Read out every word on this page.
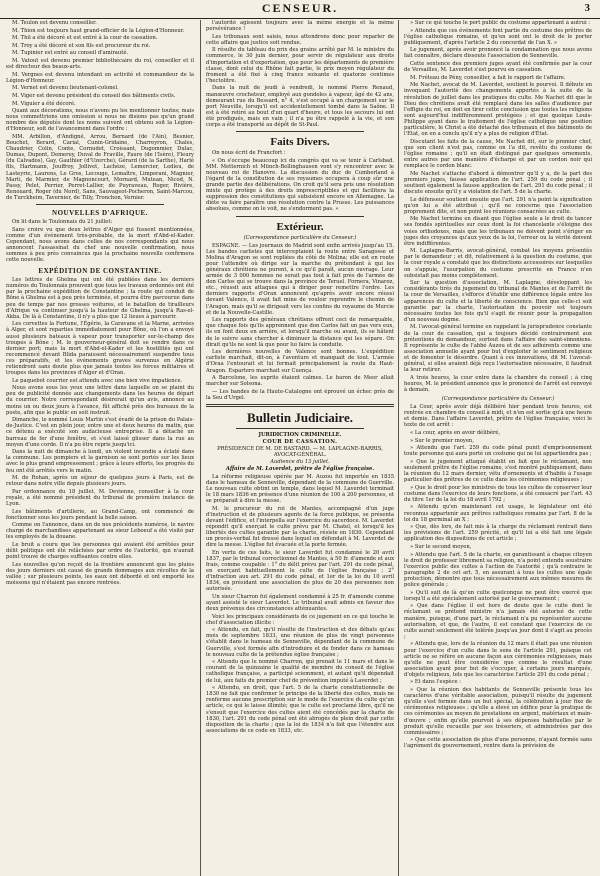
CENSEUR.	3

M. Teulon est devenu conseiller.

M. Thion est toujours haut grand-officier de la Légion-d'Honneur.

M. Thil a été décoré et est entré à la cour de cassation.

M. Troy a été décoré et son fils est procureur du roi.

M. Tupinier est entré au conseil d'amirauté.

M. Vatout est devenu premier bibliothécaire du roi, conseiller et il est directeur des beaux-arts.

M. Vergnes est devenu intendant en activité et commandeur de la Légion-d'Honneur.

M. Vernet est devenu lieutenant-colonel.

M. Viger est devenu président du conseil des bâtiments civils.

M. Viguier a été décoré.

Quant aux décorations, nous n'avons pu les mentionner toutes; mais nous commettrions une omission si nous ne disions pas qu'un grand nombre des députés dont les noms suivent ont obtenu soit la Légion-d'Honneur, soit de l'avancement dans l'ordre :

MM. Arbillon, d'Andigné, Arrou, Bernard (de l'Ain), Besnier, Bouchet, Berard, Carial, Cunin-Gridaine, Charreyron, Chales, Chaudrier, Colin, Conte, Cornudet, Croissant, Dugommier, Dulac, Dumas, Dupont, Demerey, Duval de Fraville, Faure (de l'Isère), Fleury (du Calvados), Gay, Gauthier (d'Uzerche), Gérard (de la Sarthe), Harlé fils, Hartmann, Jouffroy, Jollivet, Lachèze, Lemercier, Ledieu, de Lasteyrie, Laurens, Le Gros, Lecouge, Lemaître, Limperani, Magnier, Marti, de Marmier, de Magnoncourt, Mornard, Mutean, Nicod, N. Passy, Pelet, Perrier, Perret-Lallier, de Puyraveau, Roger, Rivière, Renouard, Roger (du Nord), Sans, Sauvageot-Pocheron, Saint-Marcou, de Turckheim, Tavernier, de Tilly, Tronchon, Vernier.

NOUVELLES D'AFRIQUE.

On lit dans le Toulonnais du 21 juillet:

Sans croire vu que deux lettres d'Alger qui fussent mentionnées, comme d'un événement très-probable, de la mort d'Abd-el-Kader. Cependant, nous avons dans celles de nos correspondants qui nous annoncent l'assassinat du chef une nouvelle confirmation, nous sommes à peu près convaincus que la prochaine nouvelle confirmera cette nouvelle.

EXPÉDITION DE CONSTANTINE.

Les lettres de Ghelma qui ont été publiées dans les derniers numéros du Toulonnais prouvent que tous les travaux ordonnés ont été par la prochaine expédition de Constantine ; la route qui conduit de Bône à Ghelma est à peu près terminée, et pourra être parcourue dans peu de temps par nos grosses voitures, et le bataillon de tirailleurs d'Afrique va continuer jusqu'à la hauteur de Ghelma, jusqu'à Ras-el-Akba. De là à Constantine, il n'y a plus que 12 lieues à parcourir.

Les corvettes la Fortune, l'Égérie, la Caravane et la Marne, arrivées à Alger, et sont reparties immédiatement pour Bône, où l'on a envoyé aussi plusieurs bateaux à vapeur pour transporter sur-le-champ des troupes à Bône ; M. le gouverneur-général doit se rendre dans ce dernier port; mais la mort d'Abd-el-Kader et les hostilités qui ont recommencé devant Blida paraissent nécessairement suspendre tous ces préparatifs, et les événements graves survenus en Algérie retiendront sans doute plus que jamais toutes les forces militaires et troupes dans les provinces d'Alger et d'Oran.

Le paquebot courrier est attendu avec une bien vive impatience.

Nous avons sous les yeux une lettre dans laquelle on se plaint du peu de publicité donnée aux changements dans les heures de départ du courrier. Notre correspondant désirerait qu'un avis, annoncé au moins un ou deux jours à l'avance, fût affiché près des bureaux de la poste, afin que le public en soit instruit.

Dimanche, le nommé Louis Martin s'est évadé de la prison du Palais-de-Justice. C'est en plein jour, entre une et deux heures du matin, que ce détenu a exécuté son audacieuse entreprise. Il a détaché un barreau de fer d'une fenêtre, et s'est laissé glisser dans la rue au moyen d'une corde. Il n'a pu être repris jusqu'ici.

Dans la nuit de dimanche à lundi, un violent incendie a éclaté dans la commune. Les pompiers et la garnison se sont portés sur les lieux avec le plus grand empressement ; grâce à leurs efforts, les progrès du feu ont été arrêtés vers le matin.

M. de Rohan, après un séjour de quelques jours à Paris, est de retour dans notre ville depuis plusieurs jours.

Par ordonnance du 18 juillet, M. Devienne, conseiller à la cour royale, a été nommé président du tribunal de première instance de Lyon.

Les bâtiments d'artillerie, au Grand-Camp, ont commencé de fonctionner sous les jours pendant la belle saison.

Comme on l'annonce, dans un de nos précédents numéros, le navire chargé de marchandises appartenant au sieur Leboeuf a été visité par les employés de la douane.

Le bruit a couru que les personnes qui avaient été arrêtées pour délit politique ont été relâchées par ordre de l'autorité, qui n'aurait point trouvé de charges suffisantes contre elles.

Les nouvelles qu'on reçoit de la frontière annoncent que les pluies des jours derniers ont causé de grands dommages aux récoltes de la vallée ; sur plusieurs points, les eaux ont débordé et ont emporté les moissons qui n'étaient pas encore rentrées.

l'autorité agissent toujours avec la même énergie et la même persévérance !

Les tribunaux sont saisis, nous attendrons donc pour reparler de cette affaire que justice soit rendue.

Il résulte du tableau du prix des grains arrêté par M. le ministre du commerce, le 30 juin dernier, pour servir de régulateur aux droits d'importation et d'exportation, que pour les départements de première classe, dont celui du Rhône fait partie, le prix moyen régulateur du froment a été fixé à cinq francs soixante et quatorze centimes l'hectolitre.

Dans la nuit de jeudi à vendredi, le nommé Pierre Renaud, manœuvre crocheteur, employé aux gondoles à vapeur, âgé de 42 ans, demeurant rue du Bessard, n° 4, s'est occupé à un chargement sur le port Neuville, lorsqu'il est accidentellement tombé dans la Saône. Il est à été retiré au bout d'un quart d'heure, et tous les secours lui ont été prodigués, mais en vain ; il n'a pu être rappelé à la vie, et son corps a été transporté au dépôt de St-Paul.

Faits Divers.

On nous écrit de Francfort :

« On s'occupe beaucoup ici du congrès qui va se tenir à Carlsbad. MM. Metternich et Münch-Bellinghausen vont s'y rencontrer avec le nouveau roi de Hanovre. La discussion du duc de Cumberland à l'égard de la constitution de ses royaumes occupera à coup sûr une grande partie des délibérations. On croit qu'il sera pris une résolution mixte qui protège à des droits imprescriptibles et qui facilitera la suppression des constitutions qui subsistent encore en Allemagne. La diète va faire paraître une résolution contre la Prusse. Les puissances absolues, comme on le voit, ne s'endorment pas. »

Extérieur.
(Correspondance particulière du Censeur.)

ESPAGNE. — Les journaux de Madrid sont enfin arrivés jusqu'au 15. Les bandes carlistes qui interceptaient la route entre Saragosse et Molina d'Aragon se sont repliées du côté de Molina; elle est en route pour l'attendre où dirige sur la marche du prétendant à qui les généraux chrétiens ne purent, à ce qu'il paraît, aucun ouvrage. Leur armée de 3 000 hommes ne serait pas tout à fait près de l'armée de don Carlos qui se trouve dans la province de Teruel. Fornera, Vinaroz, etc., réussit aux attaques qui à diriger pour remettre l'ordre. Les derniers rapports d'Oran annoncent qu'après avoir encore réussi devant Valence, il avait fait mine de vouloir reprendre le chemin de l'Aragon, mais qu'il se dirigeait vers les confins du royaume de Murcie et de la Nouvelle-Castille.

Les rapports des généraux chrétiens offrent ceci de remarquable, que chaque fois qu'ils apprennent que don Carlos fait un pas vers eux, ils en font deux en arrière, et lorsqu'il marche ou avant, ils se hâtent de le suivre sans chercher à diminuer la distance qui les sépare. On dirait qu'ils ne sont là que pour lui faire la conduite.

Les dernières nouvelles de Valence sont bonnes. L'expédition carliste marchait, dit-on, à l'aventure et manquait de tout. L'armée d'Oraa l'entourait et lui fermait principalement la route du Haut-Aragon. Espartero marchait sur Cuença.

A Barcelone, les esprits étaient calmes. Le baron de Meer allait marcher sur Solsona.

— Les bandes de la Haute-Catalogne ont éprouvé un échec près de la Seu d'Urgel.

Bulletin Judiciaire.
JURIDICTION CRIMINELLE.
COUR DE CASSATION.
PRÉSIDENCE DE M. DE BASTARD. — M. LAPLAGNE-BARRIS, AVOCAT-GÉNÉRAL.
Audience du 13 juillet.
Affaire de M. Laverdet, prêtre de l'église française.

La réforme religieuse opérée par M. Auzou fut importée en 1835 dans le hameau de Senneville, dépendant de la commune de Guerville. Le nouveau culte obtint un temple, dans lequel M. Laverdet terminait le 18 mars 1836 en présence d'une réunion de 100 à 200 personnes, et se préparait à dire la messe.

M. le procureur du roi de Mantes, accompagné d'un juge d'instruction et de plusieurs agents de la force publique, se présenta devant l'édifice, et l'interpella sur l'exercice du sacerdoce. M. Laverdet répondit qu'il exerçait le culte prévu par M. Chatel, et lorsqu'il les libertés des cultes garantie par la charte, résiste en 1830. Cependant un procès-verbal fut dressé dans lequel on défendait à M. Laverdet de dire la messe. L'église fut évacuée et la porte fermée.

En vertu de ces faits, le sieur Laverdet fut condamné le 20 avril 1837, par le tribunal correctionnel de Mantes, à 50 fr. d'amende et aux frais, comme coupable : 1° du délit prévu par l'art. 291 du code pénal, en exerçant habituellement le culte de l'église française ; 2° d'infraction aux art. 291 du code pénal, et 1er de la loi du 10 avril 1834, en présidant une association de plus de 20 des personnes non autorisée.

Un sieur Charron fut également condamné à 25 fr. d'amende comme ayant assisté le sieur Laverdet. Le tribunal avait admis en faveur des deux prévenus des circonstances atténuantes.

Voici les principaux considérants de ce jugement en ce qui touche le chef d'association illicite :

« Attendu, en fait, qu'il résulte de l'instruction et des débats qu'au mois de septembre 1833, une réunion de plus de vingt personnes s'établit dans le hameau de Senneville, dépendant de la commune de Guerville, s'est formée afin d'introduire et de fonder dans ce hameau le nouveau culte de la prétendue église française ;

« Attendu que le nommé Charron, qui prenait le 11 mars et dans le courant de la quinzaine le qualité de membre du conseil de l'église catholique française, a participé sciemment, et autant qu'il dépendait de lui, aux faits du premier chef de prévention imputé à Laverdet ;

« Attendu, en droit, que l'art. 5 de la charte constitutionnelle de 1830 ne fait que confirmer le principe de la liberté des cultes, mais ne renferme aucune prescription sur le mode de l'exercice du culte qu'un article, ce qui le laisse illimité; que le culte est proclamé libre, qu'il ne s'ensuit que l'exercice des cultes aient été concédés par la charte de 1830, l'art. 291 du code pénal ont été abrogés de plein droit par cette disposition de la charte ; que la loi de 1834 n'a fait que l'étendre aux associations de ce code en 1833, etc.

» Sur ce qui touche le port public du costume appartenant à autrui :

» Attendu que ces événements font partie du costume des prêtres de l'église catholique romaine, et qu'en sont ont le droit de le porter publiquement, d'après l'article 2 du concordat de l'an X. »

Le jugement, après avoir prononcé la condamnation que nous avons fait connaître, déclare dissoute l'association de Senneville.

Cette sentence des premiers juges ayant été confirmée par la cour de Versailles, M. Laverdet s'est pourvu en cassation.

M. Fréteau de Pény, conseiller, a fait le rapport de l'affaire.

Me Nachet, avocat de M. Laverdet, soutient le pourvoi. Il débute en invoquant l'autorité des changements apportés à la suite de la révolution de juillet dans les pratiques du culte. Me Nachet dit que le Dieu des chrétiens avait été remplacé dans les salles d'audience par l'effigie du roi, en doit en tirer cette conclusion que toutes les religions sont aujourd'hui indifféremment protégées ; et que quoique Louis-Philippe ayant dans le traitement de l'église catholique une position particulière, le Christ a été détaché des tribunaux et des bâtiments de l'État, on en a conclu qu'il n'y a plus de religion d'État.

Discutant les faits de la cause, Me Nachet dit, sur le premier chef, que son client n'est pas, comme on l'a dit, revêtu du costume de l'église romaine ; qu'il en était distingué par quelques ornements, entre autres par une manière d'écharpe et par un cordon noir qui remplace le cordon blanc.

Me Nachet s'attache d'abord à démontrer qu'il y a, de la part des premiers juges, fausse application de l'art. 259 du code pénal ; il soutient également la fausse application de l'art. 291 du code pénal ; il discute ensuite qu'il y a violation de l'art. 5 de la charte.

Le défenseur soutient ensuite que l'art. 291 n'a point la signification qu'on lui a été attribué ; qu'il ne concerne que l'association proprement dite, et non point les réunions consacrées au culte.

Me Nachet termine en disant que l'église seule a le droit de tancer ses fondés spirituelles sur ceux dont la foi chancelante s'éloigne des voies orthodoxes, mais que les tribunaux ne doivent point s'ériger en juges des croyances qu'aux yeux de la loi, l'erreur ou la vérité doivent être indifférentes.

M. Laplagne-Barris, avocat-général, combat les moyens présentés par le demandeur ; et dit, relativement à la question du costume, que la cour royale a constaté que les distinctions accessoires sur lesquelles on s'appuie, l'usurpation du costume prescrite en France n'en subsistait pas moins complètement.

Sur la question d'association, M. Laplagne, développant les considérants tirés du jugement du tribunal de Mantes et de l'arrêt de la cour de Versailles, s'efforce d'établir une différence légale entre les apparences du culte et la liberté de conscience. Bien que celle-ci soit garantie par la charte, l'autorisation du pouvoir est toujours nécessaire toutes les fois qu'il s'agit de réunir pour la propagation d'un nouveau dogme.

M. l'avocat-général termine en rappelant la jurisprudence constante de la cour de cassation, qui a toujours décidé contrairement aux prétentions du demandeur, surtout dans l'affaire des saint-simoniens. Il représente le culte de l'abbé Auzou et de ses adhérents comme une association annuelle ayant pour but d'exploiter le sentiment religieux et de fomenter le désordre. Quant à ces innovations, dit M. l'avocat-général, si elles avaient déjà reçu l'autorisation nécessaire, il faudrait la leur retirer.

A trois heures, la cour entre dans la chambre du conseil ; à cinq heures, M. le président annonce que le prononcé de l'arrêt est renvoyé à demain.

(Correspondance particulière du Censeur.)

La Cour, après avoir déjà délibéré hier pendant trois heures, est rentrée en chambre du conseil à midi, et n'en est sortie qu'à une heure et demie. Dans l'affaire Laverdet, prêtre de l'église française, voici le texte de cet arrêt :

« La cour, après en avoir délibéré,

» Sur le premier moyen,

» Attendu que l'art. 259 du code pénal punit d'emprisonnement toute personne qui aura porté un costume qui ne lui appartiendra pas ;

» Que le jugement attaqué établit en fait que le réclamant, non seulement prêtre de l'église romaine, s'est montré publiquement, dans la réunion du 12 mars dernier, vêtu d'ornements et d'habits à l'usage particulier des prêtres de ce culte dans les cérémonies religieuses ;

» Que le droit pour les ministres de tous les cultes de conserver leur costume dans l'exercice de leurs fonctions, a été consacré par l'art. 43 du titre 1er de la loi du 18 avril 1792 ;

» Attendu qu'en maintenant cet usage, le législateur ont été reconnus appartenir aux prêtres catholiques romains par l'art. 8 de la loi du 18 germinal an X ;

» Que, dès lors, de fait mis à la charge du réclamant rentrait dans les prévisions de l'art. 259 précité, et qu'il lui a été fait une légale application des dispositions de cet article ;

» Sur le second moyen,

» Attendu que l'art. 5 de la charte, en garantissant à chaque citoyen le droit de professer librement sa religion, n'a point entendu soustraire l'exercice public des cultes à l'action de l'autorité ; qu'à contraire le paragraphe 2 de cet art. 5, en assurant à tous les cultes une égale protection, démontre que tous nécessairement aux mêmes mesures de police générale ;

» Qu'il suit de là qu'un culte quelconque ne peut être exercé que lorsqu'il a été spécialement autorisé par le gouvernement ;

» Que dans l'église il est hors de doute que le culte dont le réclamant se prétend ministre n'a jamais été autorisé de cette manière, puisque, d'une part, le réclamant n'a pu représenter aucune autorisation, et que, de l'autre, il est constant que l'exercice de ce culte aurait seulement été tolérée jusqu'au jour dont il s'agit au procès ;

» Attendu que, lors de la réunion du 12 mars il était pas une réunion pour l'exercice d'un culte dans le sens de l'article 291, puisque cet article ne se réfère en aucune façon aux cérémonies religieuses, mais qu'elle ne peut être considérée que comme le résultat d'une association ayant pour but de s'occuper, à certains jours marqués, d'objets religieux, tels que les caractérise l'article 291 du code pénal ;

» Et dans l'espèce :

» Que la réunion des habitants de Senneville présente tous les caractères d'une véritable association, puisqu'il résulte du jugement qu'elle s'est formée dans un but spécial, la célébration à jour fixe de cérémonies religieuses ; qu'elle a élevé un édifice pour la pratique de ces cérémonies au moyen de prestations en argent, matériaux et main-d'œuvre ; enfin qu'elle pourvoit à ses dépenses habituelles par le produit qu'elle recueille par ses trésoriers, et administrées par des commissaires ;

» Que cette association de plus d'une personne, n'ayant formée sans l'agrément du gouvernement, rentre dans la prévision de
